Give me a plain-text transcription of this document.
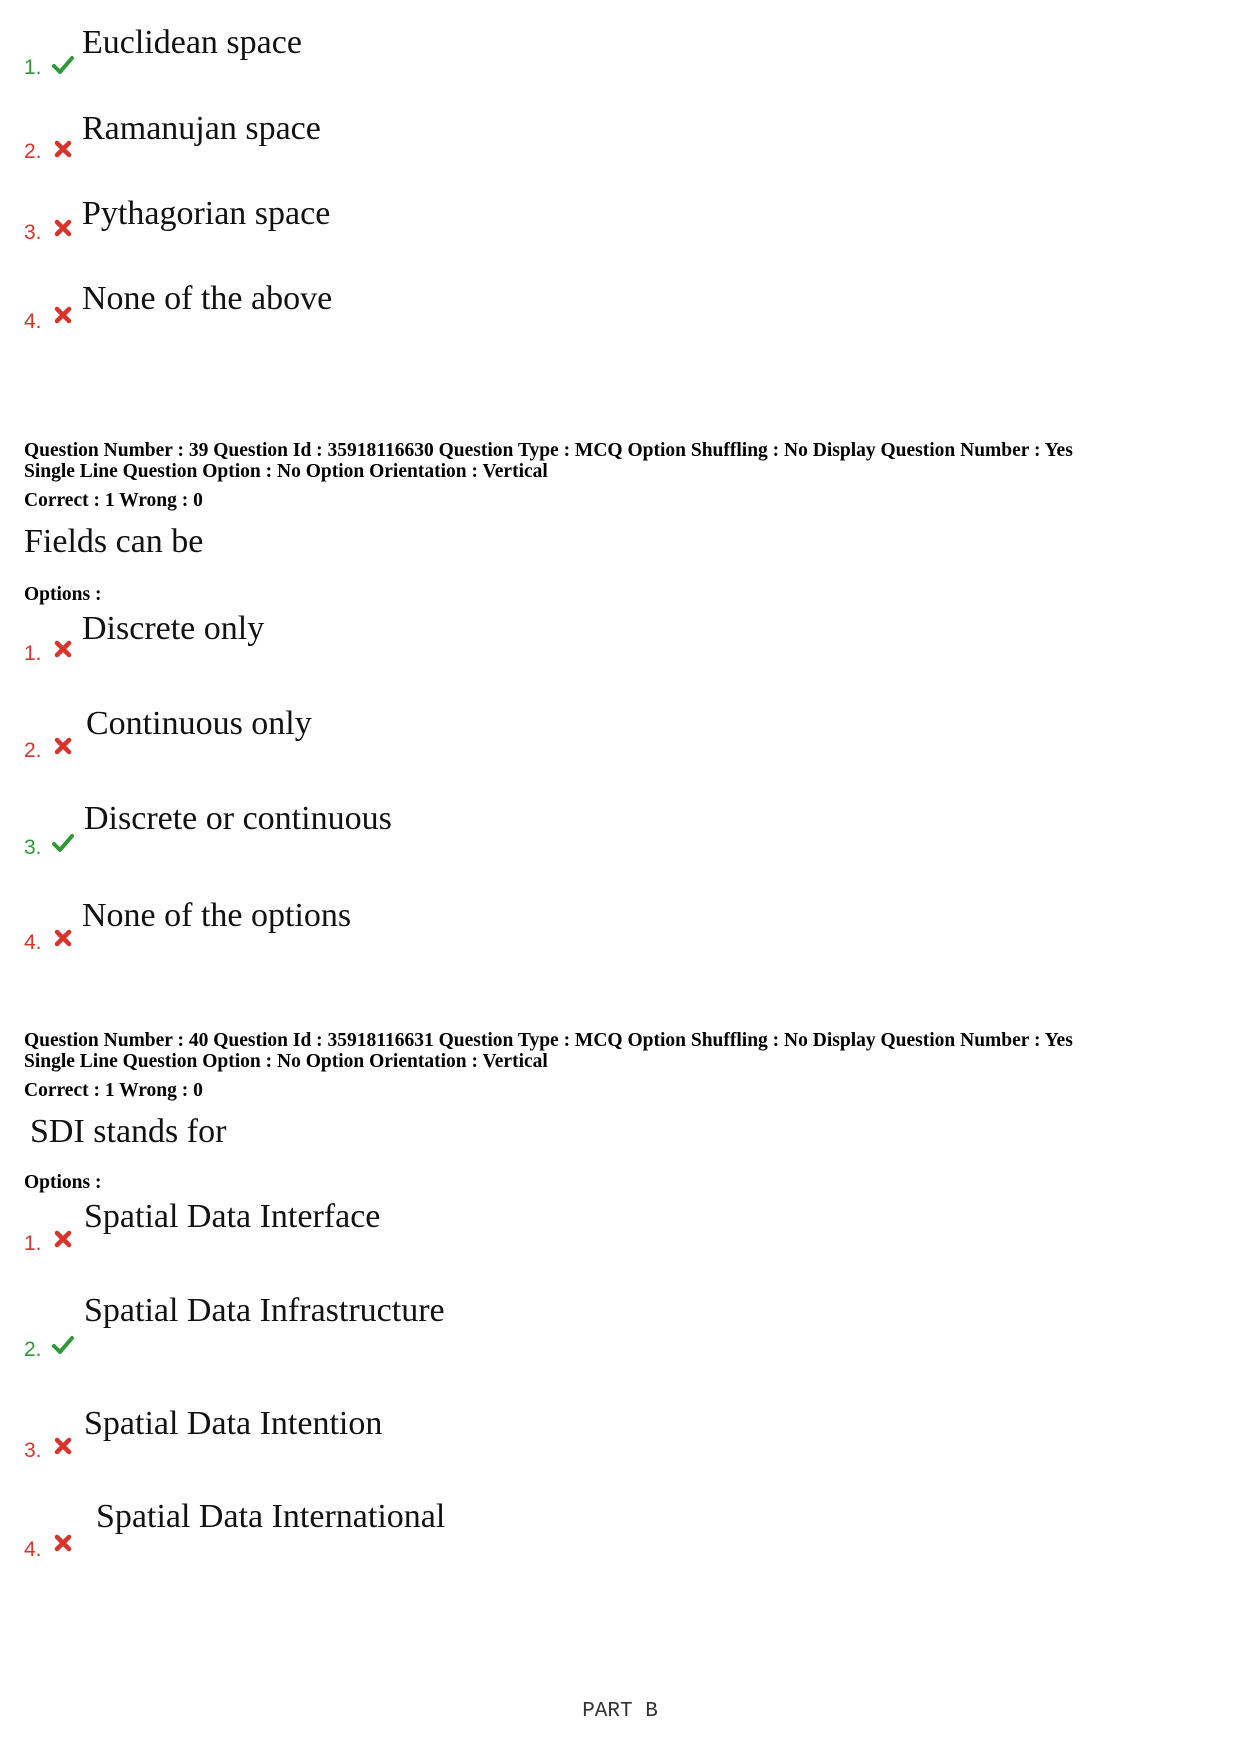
1.
Euclidean space
2.
Ramanujan space
3.
Pythagorian space
4.
None of the above
Question Number : 39 Question Id : 35918116630 Question Type : MCQ Option Shuffling : No Display Question Number : Yes
Single Line Question Option : No Option Orientation : Vertical
Correct : 1 Wrong : 0
Fields can be
Options :
1.
Discrete only
2.
Continuous only
3.
Discrete or continuous
4.
None of the options
Question Number : 40 Question Id : 35918116631 Question Type : MCQ Option Shuffling : No Display Question Number : Yes
Single Line Question Option : No Option Orientation : Vertical
Correct : 1 Wrong : 0
SDI stands for
Options :
1.
Spatial Data Interface
2.
Spatial Data Infrastructure
3.
Spatial Data Intention
4.
Spatial Data International
PART B
